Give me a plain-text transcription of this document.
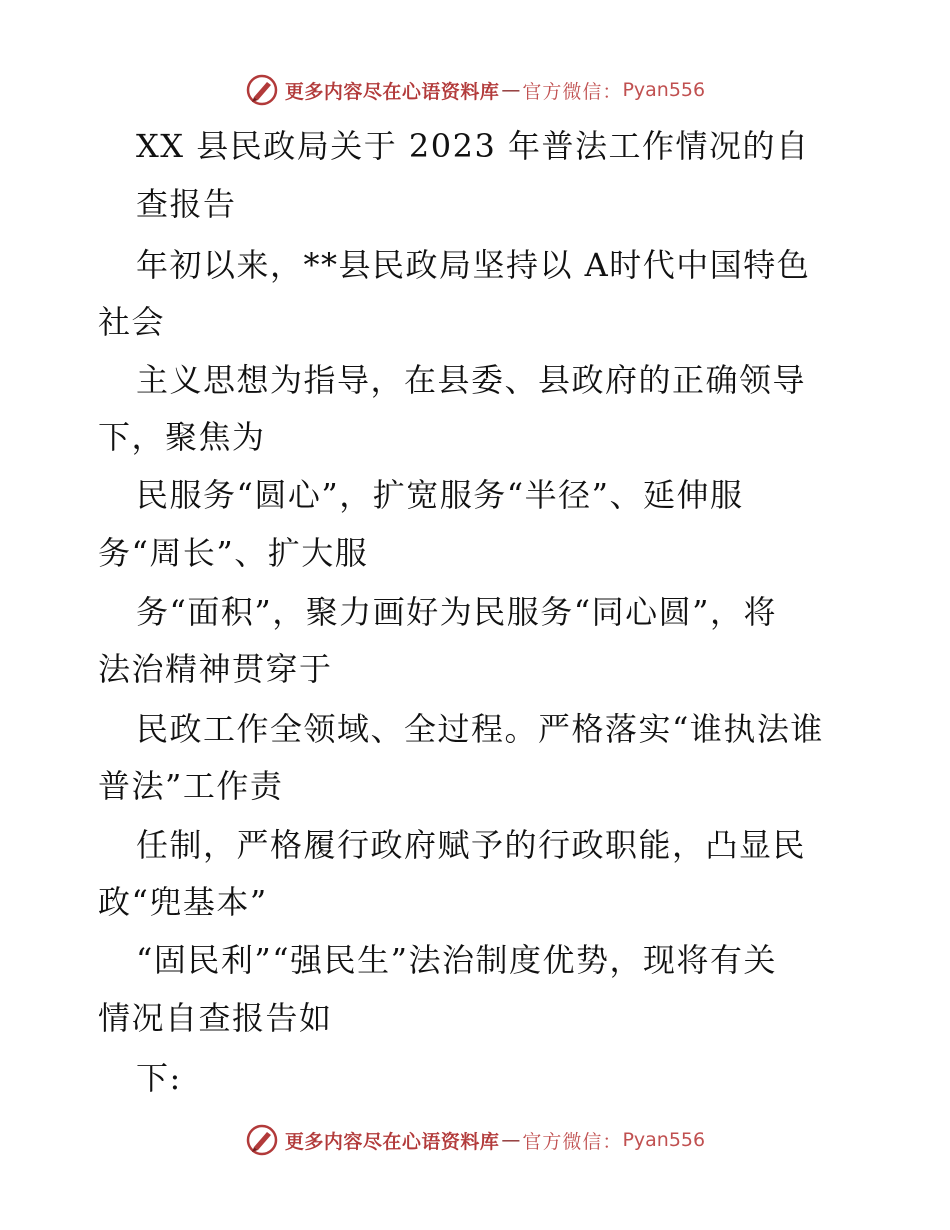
更多内容尽在心语资料库 — 官方微信： Pyan556
XX 县民政局关于 2023 年普法工作情况的自
查报告
年初以来，**县民政局坚持以 A时代中国特色
社会
主义思想为指导，在县委、县政府的正确领导
下，聚焦为
民服务“圆心”，扩宽服务“半径”、延伸服
务“周长”、扩大服
务“面积”，聚力画好为民服务“同心圆”，将
法治精神贯穿于
民政工作全领域、全过程。严格落实“谁执法谁
普法”工作责
任制，严格履行政府赋予的行政职能，凸显民
政“兜基本”
“固民利”“强民生”法治制度优势，现将有关
情况自查报告如
下:
更多内容尽在心语资料库 — 官方微信： Pyan556
